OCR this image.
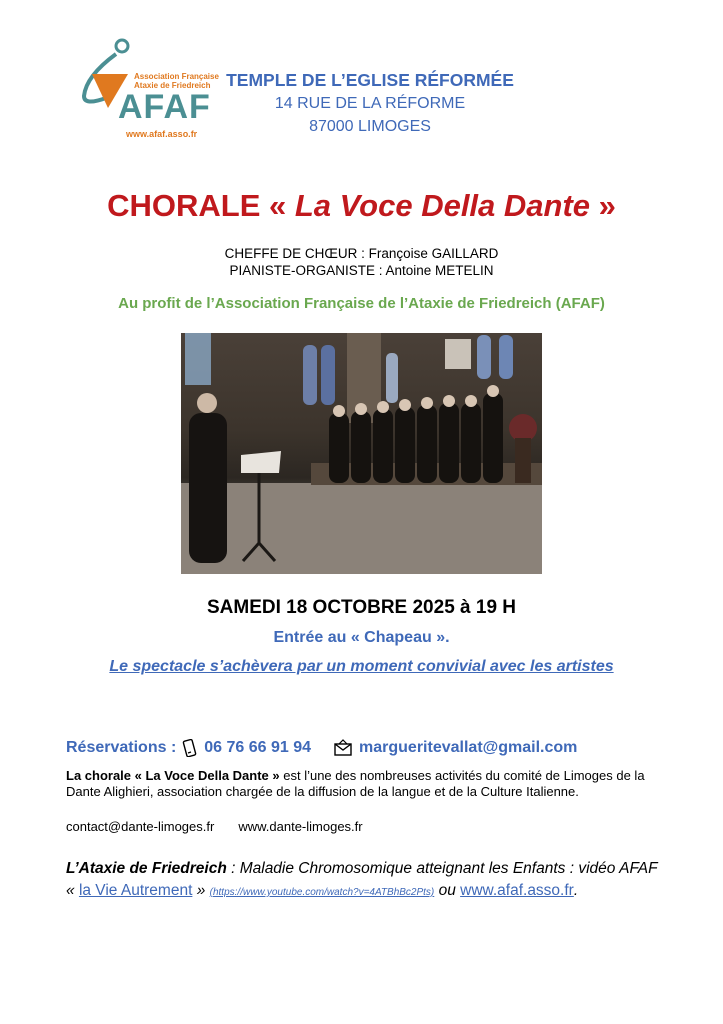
Association Française
Ataxie de Friedreich
AFAF
www.afaf.asso.fr
TEMPLE DE L’EGLISE RÉFORMÉE
14 RUE DE LA RÉFORME
87000 LIMOGES
CHORALE « La Voce Della Dante »
CHEFFE DE CHŒUR : Françoise GAILLARD
PIANISTE-ORGANISTE : Antoine METELIN
Au profit de l’Association Française de l’Ataxie de Friedreich (AFAF)
SAMEDI 18 OCTOBRE 2025 à 19 H
Entrée au « Chapeau ».
Le spectacle s’achèvera par un moment convivial avec les artistes
Réservations : 06 76 66 91 94	margueritevallat@gmail.com
La chorale « La Voce Della Dante » est l’une des nombreuses activités du comité de Limoges de la Dante Alighieri, association chargée de la diffusion de la langue et de la Culture Italienne.
contact@dante-limoges.fr www.dante-limoges.fr
L’Ataxie de Friedreich : Maladie Chromosomique atteignant les Enfants : vidéo AFAF « la Vie Autrement » (https://www.youtube.com/watch?v=4ATBhBc2Pts) ou www.afaf.asso.fr.
